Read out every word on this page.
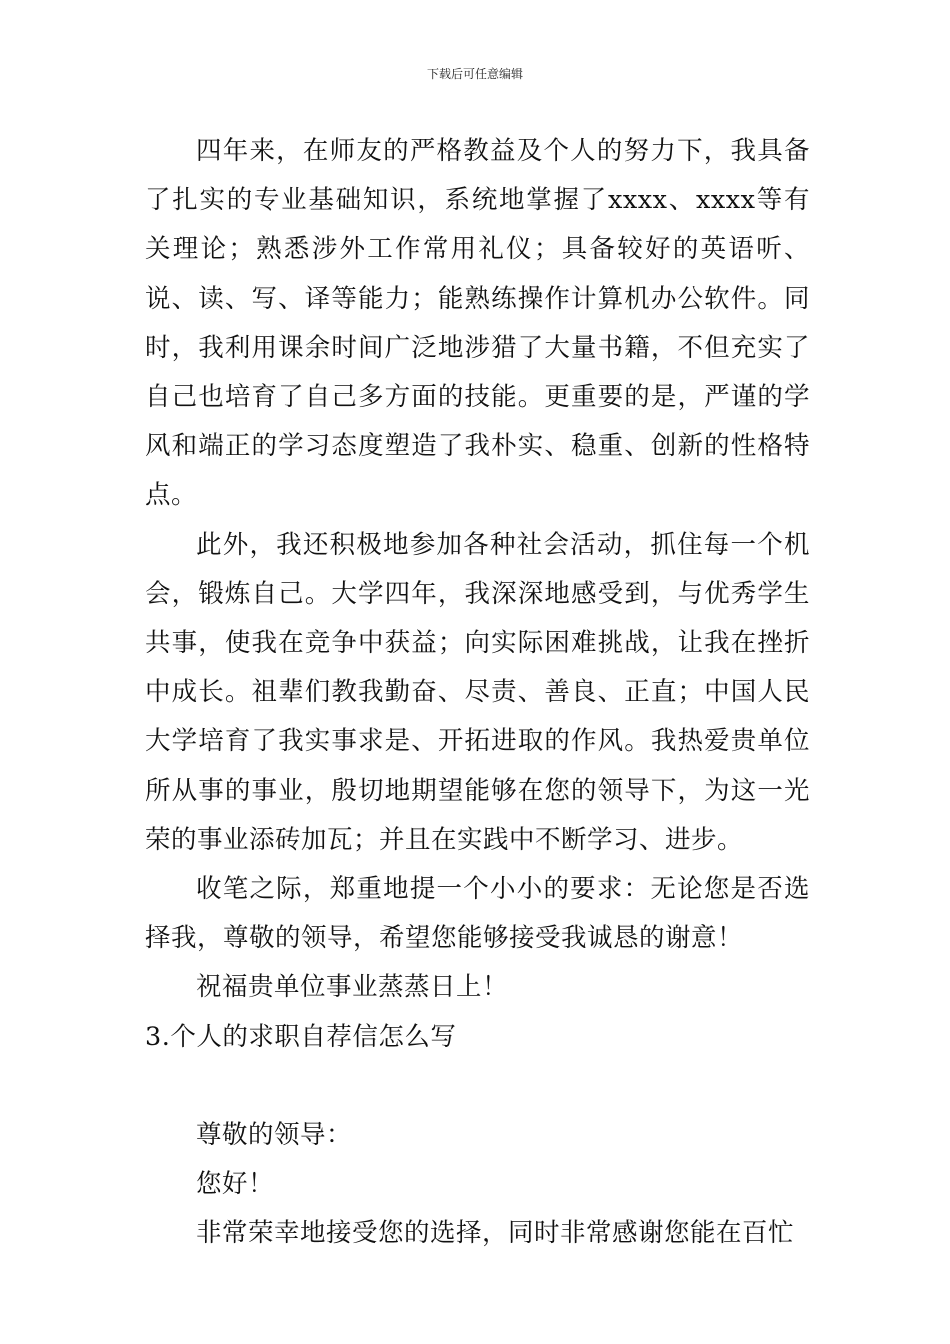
下载后可任意编辑

四年来，在师友的严格教益及个人的努力下，我具备了扎实的专业基础知识，系统地掌握了xxxx、xxxx等有关理论；熟悉涉外工作常用礼仪；具备较好的英语听、说、读、写、译等能力；能熟练操作计算机办公软件。同时，我利用课余时间广泛地涉猎了大量书籍，不但充实了自己也培育了自己多方面的技能。更重要的是，严谨的学风和端正的学习态度塑造了我朴实、稳重、创新的性格特点。

此外，我还积极地参加各种社会活动，抓住每一个机会，锻炼自己。大学四年，我深深地感受到，与优秀学生共事，使我在竞争中获益；向实际困难挑战，让我在挫折中成长。祖辈们教我勤奋、尽责、善良、正直；中国人民大学培育了我实事求是、开拓进取的作风。我热爱贵单位所从事的事业，殷切地期望能够在您的领导下，为这一光荣的事业添砖加瓦；并且在实践中不断学习、进步。

收笔之际，郑重地提一个小小的要求：无论您是否选择我，尊敬的领导，希望您能够接受我诚恳的谢意！

祝福贵单位事业蒸蒸日上！

3.个人的求职自荐信怎么写

尊敬的领导：

您好！

非常荣幸地接受您的选择，同时非常感谢您能在百忙
